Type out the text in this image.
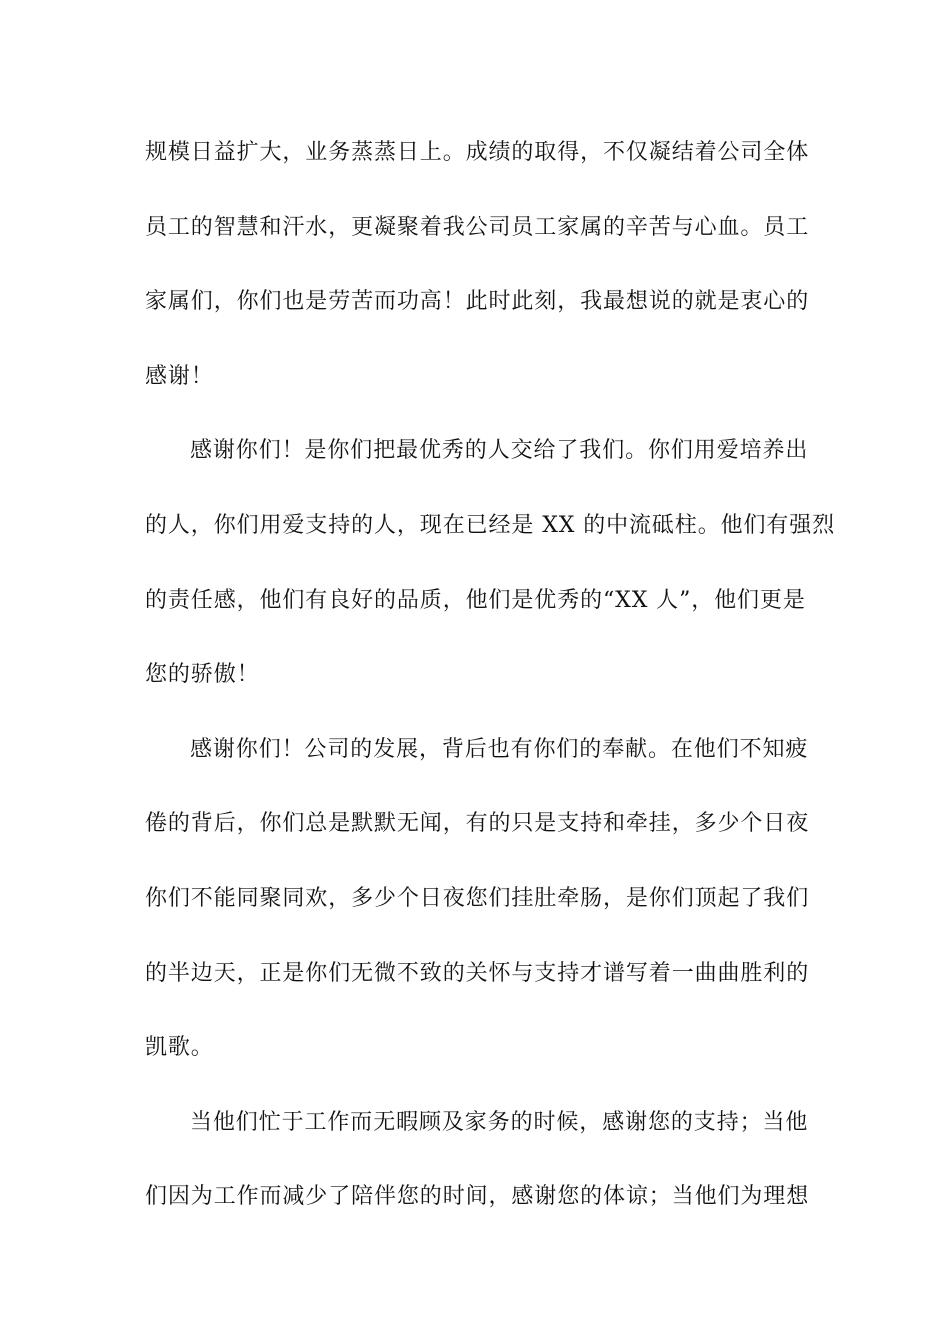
规模日益扩大，业务蒸蒸日上。成绩的取得，不仅凝结着公司全体
员工的智慧和汗水，更凝聚着我公司员工家属的辛苦与心血。员工
家属们，你们也是劳苦而功高！此时此刻，我最想说的就是衷心的
感谢！
感谢你们！是你们把最优秀的人交给了我们。你们用爱培养出
的人，你们用爱支持的人，现在已经是 XX 的中流砥柱。他们有强烈
的责任感，他们有良好的品质，他们是优秀的“XX 人”，他们更是
您的骄傲！
感谢你们！公司的发展，背后也有你们的奉献。在他们不知疲
倦的背后，你们总是默默无闻，有的只是支持和牵挂，多少个日夜
你们不能同聚同欢，多少个日夜您们挂肚牵肠，是你们顶起了我们
的半边天，正是你们无微不致的关怀与支持才谱写着一曲曲胜利的
凯歌。
当他们忙于工作而无暇顾及家务的时候，感谢您的支持；当他
们因为工作而减少了陪伴您的时间，感谢您的体谅；当他们为理想
